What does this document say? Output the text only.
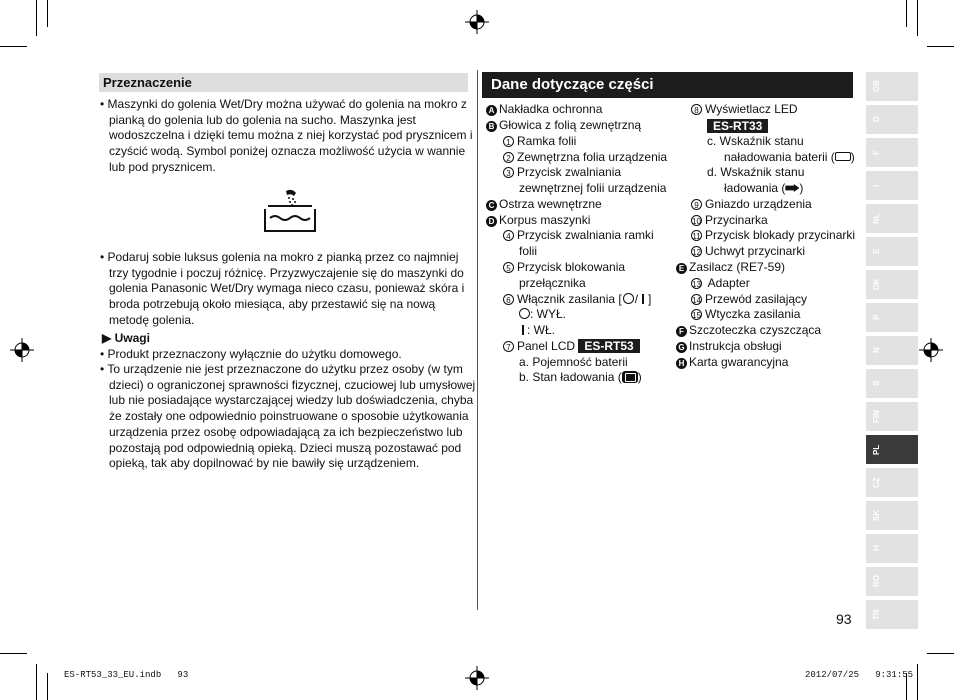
Przeznaczenie
• Maszynki do golenia Wet/Dry można używać do golenia na mokro z pianką do golenia lub do golenia na sucho. Maszynka jest wodoszczelna i dzięki temu można z niej korzystać pod prysznicem i czyścić wodą. Symbol poniżej oznacza możliwość użycia w wannie lub pod prysznicem.
• Podaruj sobie luksus golenia na mokro z pianką przez co najmniej trzy tygodnie i poczuj różnicę. Przyzwyczajenie się do maszynki do golenia Panasonic Wet/Dry wymaga nieco czasu, ponieważ skóra i broda potrzebują około miesiąca, aby przestawić się na nową metodę golenia.
▶ Uwagi
• Produkt przeznaczony wyłącznie do użytku domowego.
• To urządzenie nie jest przeznaczone do użytku przez osoby (w tym dzieci) o ograniczonej sprawności fizycznej, czuciowej lub umysłowej lub nie posiadające wystarczającej wiedzy lub doświadczenia, chyba że zostały one odpowiednio poinstruowane o sposobie użytkowania urządzenia przez osobę odpowiadającą za ich bezpieczeństwo lub pozostają pod odpowiednią opieką. Dzieci muszą pozostawać pod opieką, tak aby dopilnować by nie bawiły się urządzeniem.
Dane dotyczące części
A Nakładka ochronna
B Głowica z folią zewnętrzną
1 Ramka folii
2 Zewnętrzna folia urządzenia
3 Przycisk zwalniania
zewnętrznej folii urządzenia
C Ostrza wewnętrzne
D Korpus maszynki
4 Przycisk zwalniania ramki
folii
5 Przycisk blokowania
przełącznika
6 Włącznik zasilania [ / ]
: WYŁ.
: WŁ.
7 Panel LCD ES-RT53
a. Pojemność baterii
b. Stan ładowania ( )
8 Wyświetlacz LED
ES-RT33
c. Wskaźnik stanu
naładowania baterii ( )
d. Wskaźnik stanu
ładowania ( )
9 Gniazdo urządzenia
10 Przycinarka
11 Przycisk blokady przycinarki
12 Uchwyt przycinarki
E Zasilacz (RE7-59)
13 Adapter
14 Przewód zasilający
15 Wtyczka zasilania
F Szczoteczka czyszcząca
G Instrukcja obsługi
H Karta gwarancyjna
93
GB
D
F
I
NL
E
DK
P
N
S
FIN
PL
CZ
SK
H
RO
TR
ES-RT53_33_EU.indb   93	2012/07/25   9:31:55
